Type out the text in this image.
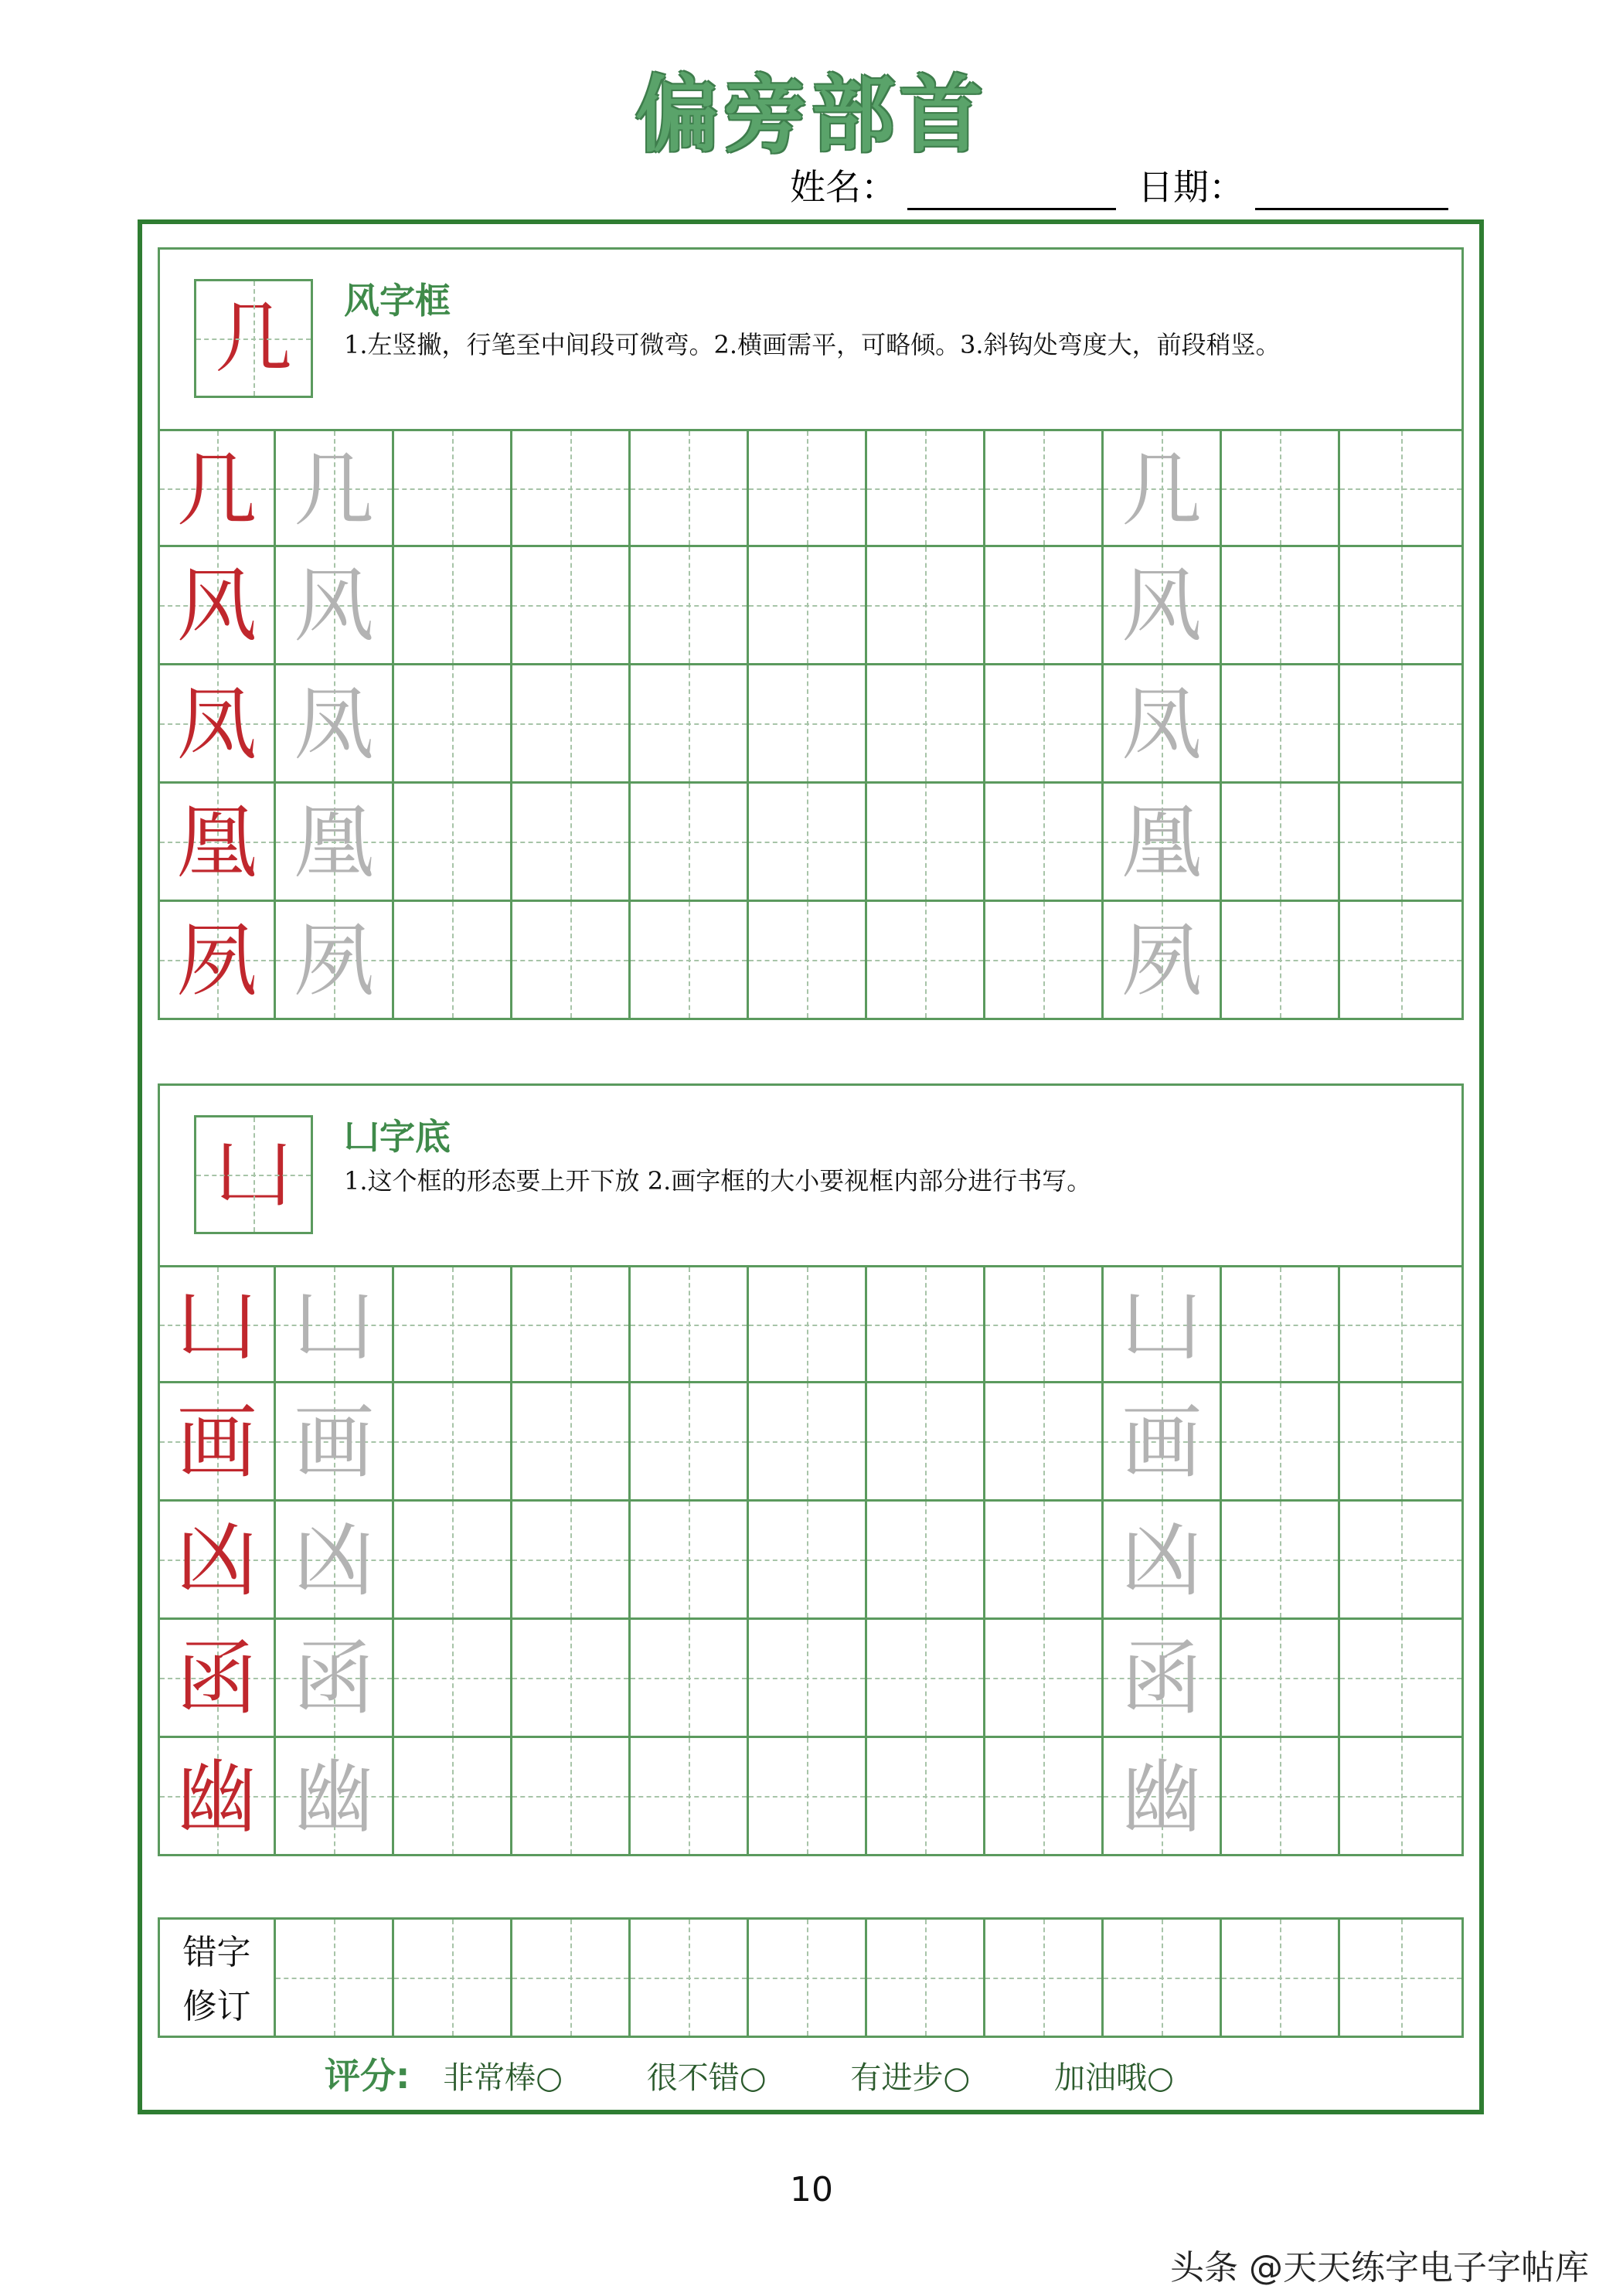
偏旁部首
姓名：	日期：
几	风字框
1.左竖撇，行笔至中间段可微弯。2.横画需平，可略倾。3.斜钩处弯度大，前段稍竖。
几 几	几
风 风	风
凤 凤	凤
凰 凰	凰
夙 夙	夙
凵	凵字底
1.这个框的形态要上开下放 2.画字框的大小要视框内部分进行书写。
凵 凵	凵
画 画	画
凶 凶	凶
函 函	函
幽 幽	幽
错字
修订
评分: 非常棒○	很不错○	有进步○	加油哦○
10
头条 @天天练字电子字帖库
